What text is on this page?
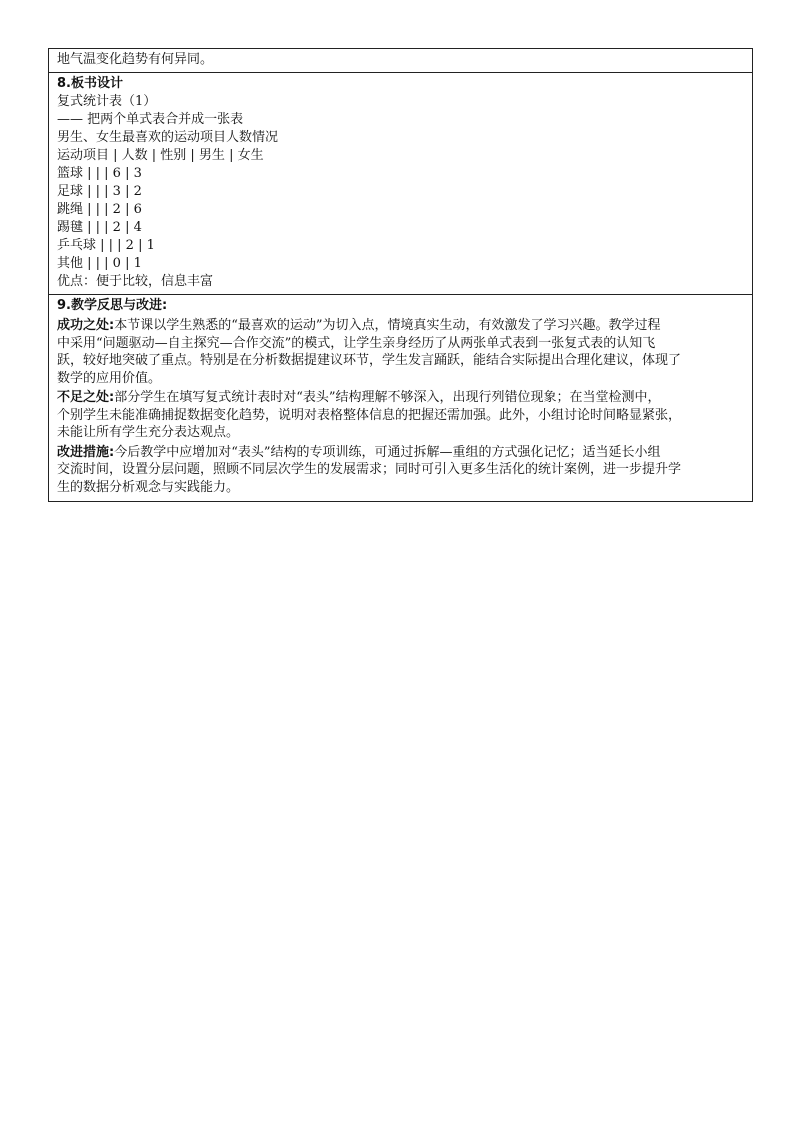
地气温变化趋势有何异同。
8.板书设计
复式统计表（1）
—— 把两个单式表合并成一张表
男生、女生最喜欢的运动项目人数情况
运动项目 | 人数 | 性别 | 男生 | 女生
篮球 | | | 6 | 3
足球 | | | 3 | 2
跳绳 | | | 2 | 6
踢毽 | | | 2 | 4
乒乓球 | | | 2 | 1
其他 | | | 0 | 1
优点：便于比较，信息丰富
9.教学反思与改进:
成功之处:本节课以学生熟悉的“最喜欢的运动”为切入点，情境真实生动，有效激发了学习兴趣。教学过程
中采用“问题驱动—自主探究—合作交流”的模式，让学生亲身经历了从两张单式表到一张复式表的认知飞
跃，较好地突破了重点。特别是在分析数据提建议环节，学生发言踊跃，能结合实际提出合理化建议，体现了
数学的应用价值。
不足之处:部分学生在填写复式统计表时对“表头”结构理解不够深入，出现行列错位现象；在当堂检测中，
个别学生未能准确捕捉数据变化趋势，说明对表格整体信息的把握还需加强。此外，小组讨论时间略显紧张，
未能让所有学生充分表达观点。
改进措施:今后教学中应增加对“表头”结构的专项训练，可通过拆解—重组的方式强化记忆；适当延长小组
交流时间，设置分层问题，照顾不同层次学生的发展需求；同时可引入更多生活化的统计案例，进一步提升学
生的数据分析观念与实践能力。
